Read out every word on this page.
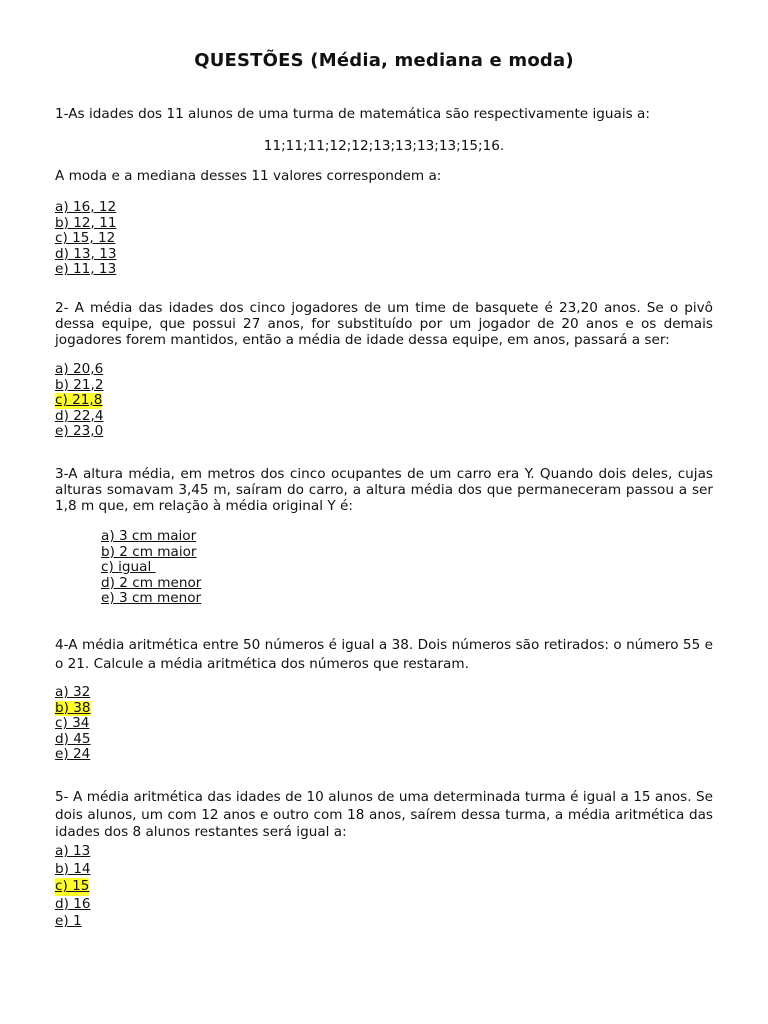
QUESTÕES (Média, mediana e moda)
1-As idades dos 11 alunos de uma turma de matemática são respectivamente iguais a:
11;11;11;12;12;13;13;13;13;15;16.
A moda e a mediana desses 11 valores correspondem a:
a) 16, 12
b) 12, 11
c) 15, 12
d) 13, 13
e) 11, 13
2- A média das idades dos cinco jogadores de um time de basquete é 23,20 anos. Se o pivô dessa equipe, que possui 27 anos, for substituído por um jogador de 20 anos e os demais jogadores forem mantidos, então a média de idade dessa equipe, em anos, passará a ser:
a) 20,6
b) 21,2
c) 21,8
d) 22,4
e) 23,0
3-A altura média, em metros dos cinco ocupantes de um carro era Y. Quando dois deles, cujas alturas somavam 3,45 m, saíram do carro, a altura média dos que permaneceram passou a ser 1,8 m que, em relação à média original Y é:
a) 3 cm maior
b) 2 cm maior
c) igual
d) 2 cm menor
e) 3 cm menor
4-A média aritmética entre 50 números é igual a 38. Dois números são retirados: o número 55 e o 21. Calcule a média aritmética dos números que restaram.
a) 32
b) 38
c) 34
d) 45
e) 24
5- A média aritmética das idades de 10 alunos de uma determinada turma é igual a 15 anos. Se dois alunos, um com 12 anos e outro com 18 anos, saírem dessa turma, a média aritmética das idades dos 8 alunos restantes será igual a:
a) 13
b) 14
c) 15
d) 16
e) 1
